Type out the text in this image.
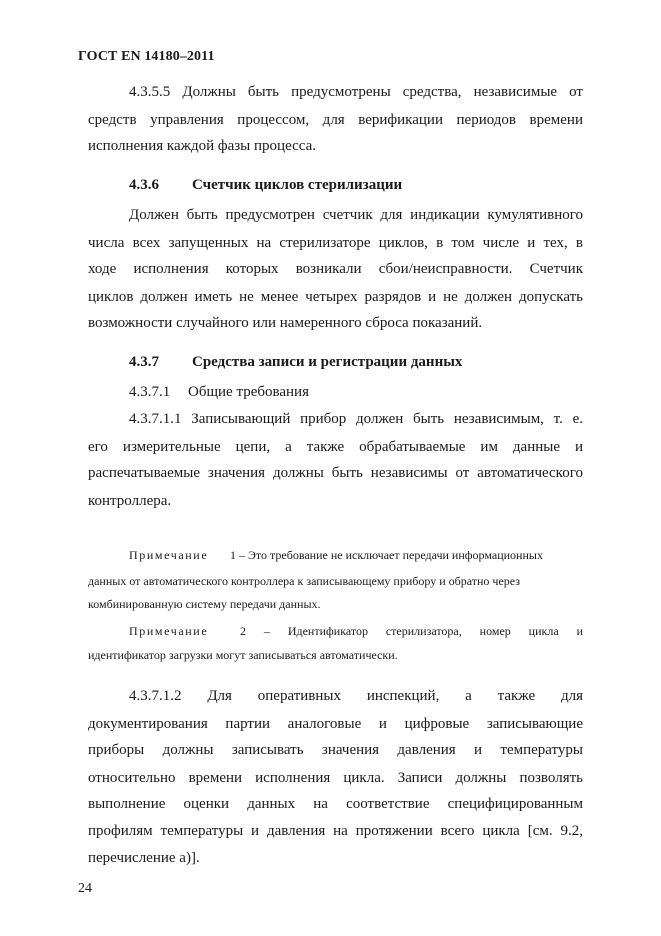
ГОСТ EN 14180–2011
4.3.5.5 Должны быть предусмотрены средства, независимые от
средств управления процессом, для верификации периодов времени
исполнения каждой фазы процесса.
4.3.6 Счетчик циклов стерилизации
Должен быть предусмотрен счетчик для индикации кумулятивного
числа всех запущенных на стерилизаторе циклов, в том числе и тех, в
ходе исполнения которых возникали сбои/неисправности. Счетчик
циклов должен иметь не менее четырех разрядов и не должен допускать
возможности случайного или намеренного сброса показаний.
4.3.7 Средства записи и регистрации данных
4.3.7.1 Общие требования
4.3.7.1.1 Записывающий прибор должен быть независимым, т. е.
его измерительные цепи, а также обрабатываемые им данные и
распечатываемые значения должны быть независимы от автоматического
контроллера.
Примечание 1 – Это требование не исключает передачи информационных
данных от автоматического контроллера к записывающему прибору и обратно через
комбинированную систему передачи данных.
Примечание	2 – Идентификатор стерилизатора, номер цикла и
идентификатор загрузки могут записываться автоматически.
4.3.7.1.2 Для оперативных инспекций, а также для
документирования партии аналоговые и цифровые записывающие
приборы должны записывать значения давления и температуры
относительно времени исполнения цикла. Записи должны позволять
выполнение оценки данных на соответствие специфицированным
профилям температуры и давления на протяжении всего цикла [см. 9.2,
перечисление а)].
24
